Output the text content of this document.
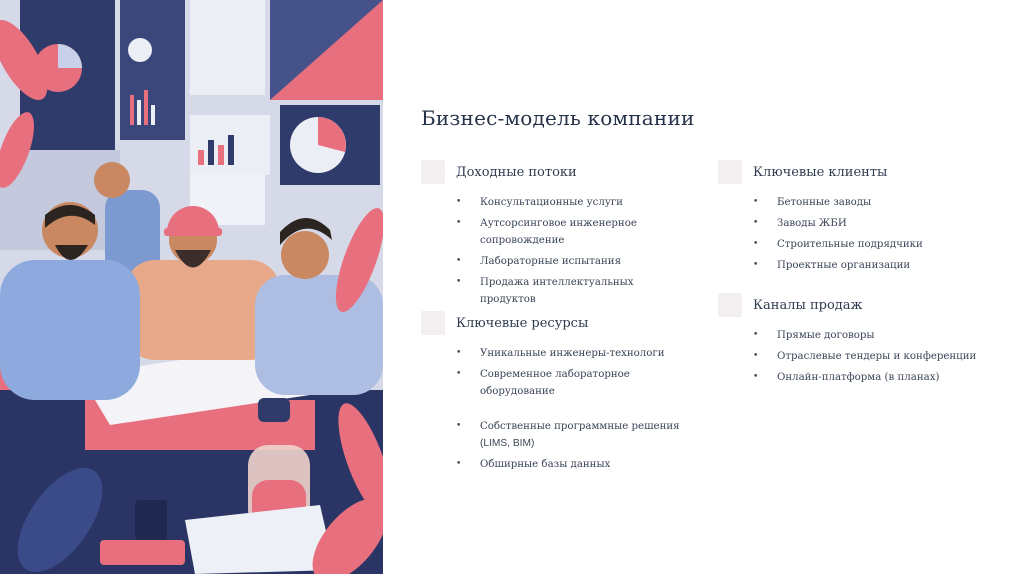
Бизнес-модель компании
Доходные потоки
• Консультационные услуги
• Аутсорсинговое инженерное сопровождение
• Лабораторные испытания
• Продажа интеллектуальных продуктов
Ключевые ресурсы
• Уникальные инженеры-технологи
• Современное лабораторное оборудование
• Собственные программные решения
(LIMS, BIM)
• Обширные базы данных
Ключевые клиенты
• Бетонные заводы
• Заводы ЖБИ
• Строительные подрядчики
• Проектные организации
Каналы продаж
• Прямые договоры
• Отраслевые тендеры и конференции
• Онлайн-платформа (в планах)
